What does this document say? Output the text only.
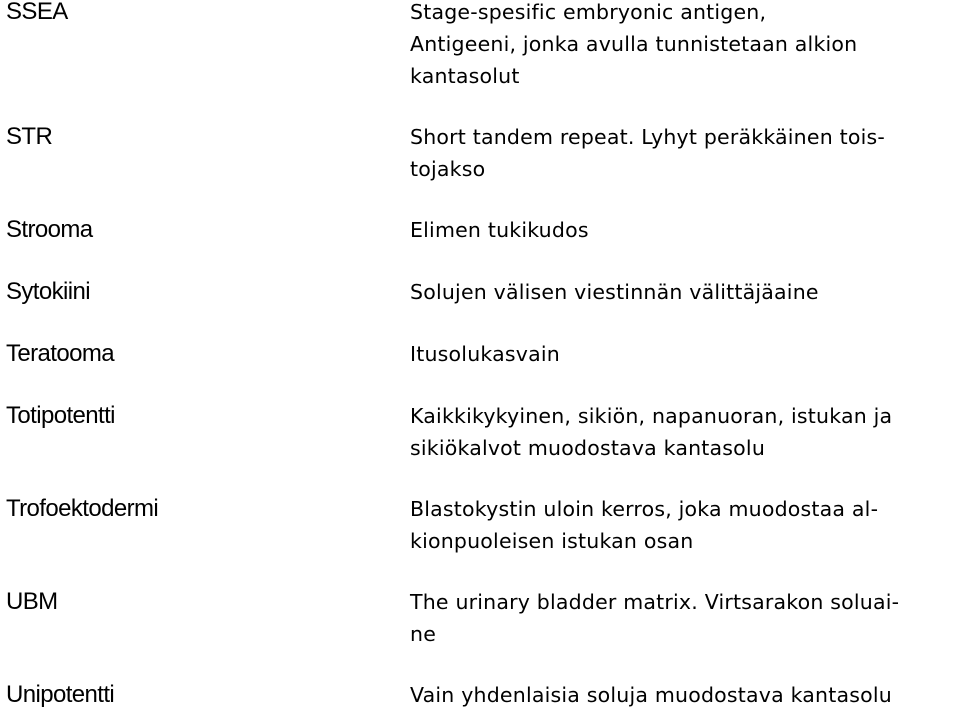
SSEA	Stage-spesific embryonic antigen,
Antigeeni, jonka avulla tunnistetaan alkion
kantasolut
STR	Short tandem repeat. Lyhyt peräkkäinen tois-
tojakso
Strooma	Elimen tukikudos
Sytokiini	Solujen välisen viestinnän välittäjäaine
Teratooma	Itusolukasvain
Totipotentti	Kaikkikykyinen, sikiön, napanuoran, istukan ja
sikiökalvot muodostava kantasolu
Trofoektodermi	Blastokystin uloin kerros, joka muodostaa al-
kionpuoleisen istukan osan
UBM	The urinary bladder matrix. Virtsarakon soluai-
ne
Unipotentti	Vain yhdenlaisia soluja muodostava kantasolu
